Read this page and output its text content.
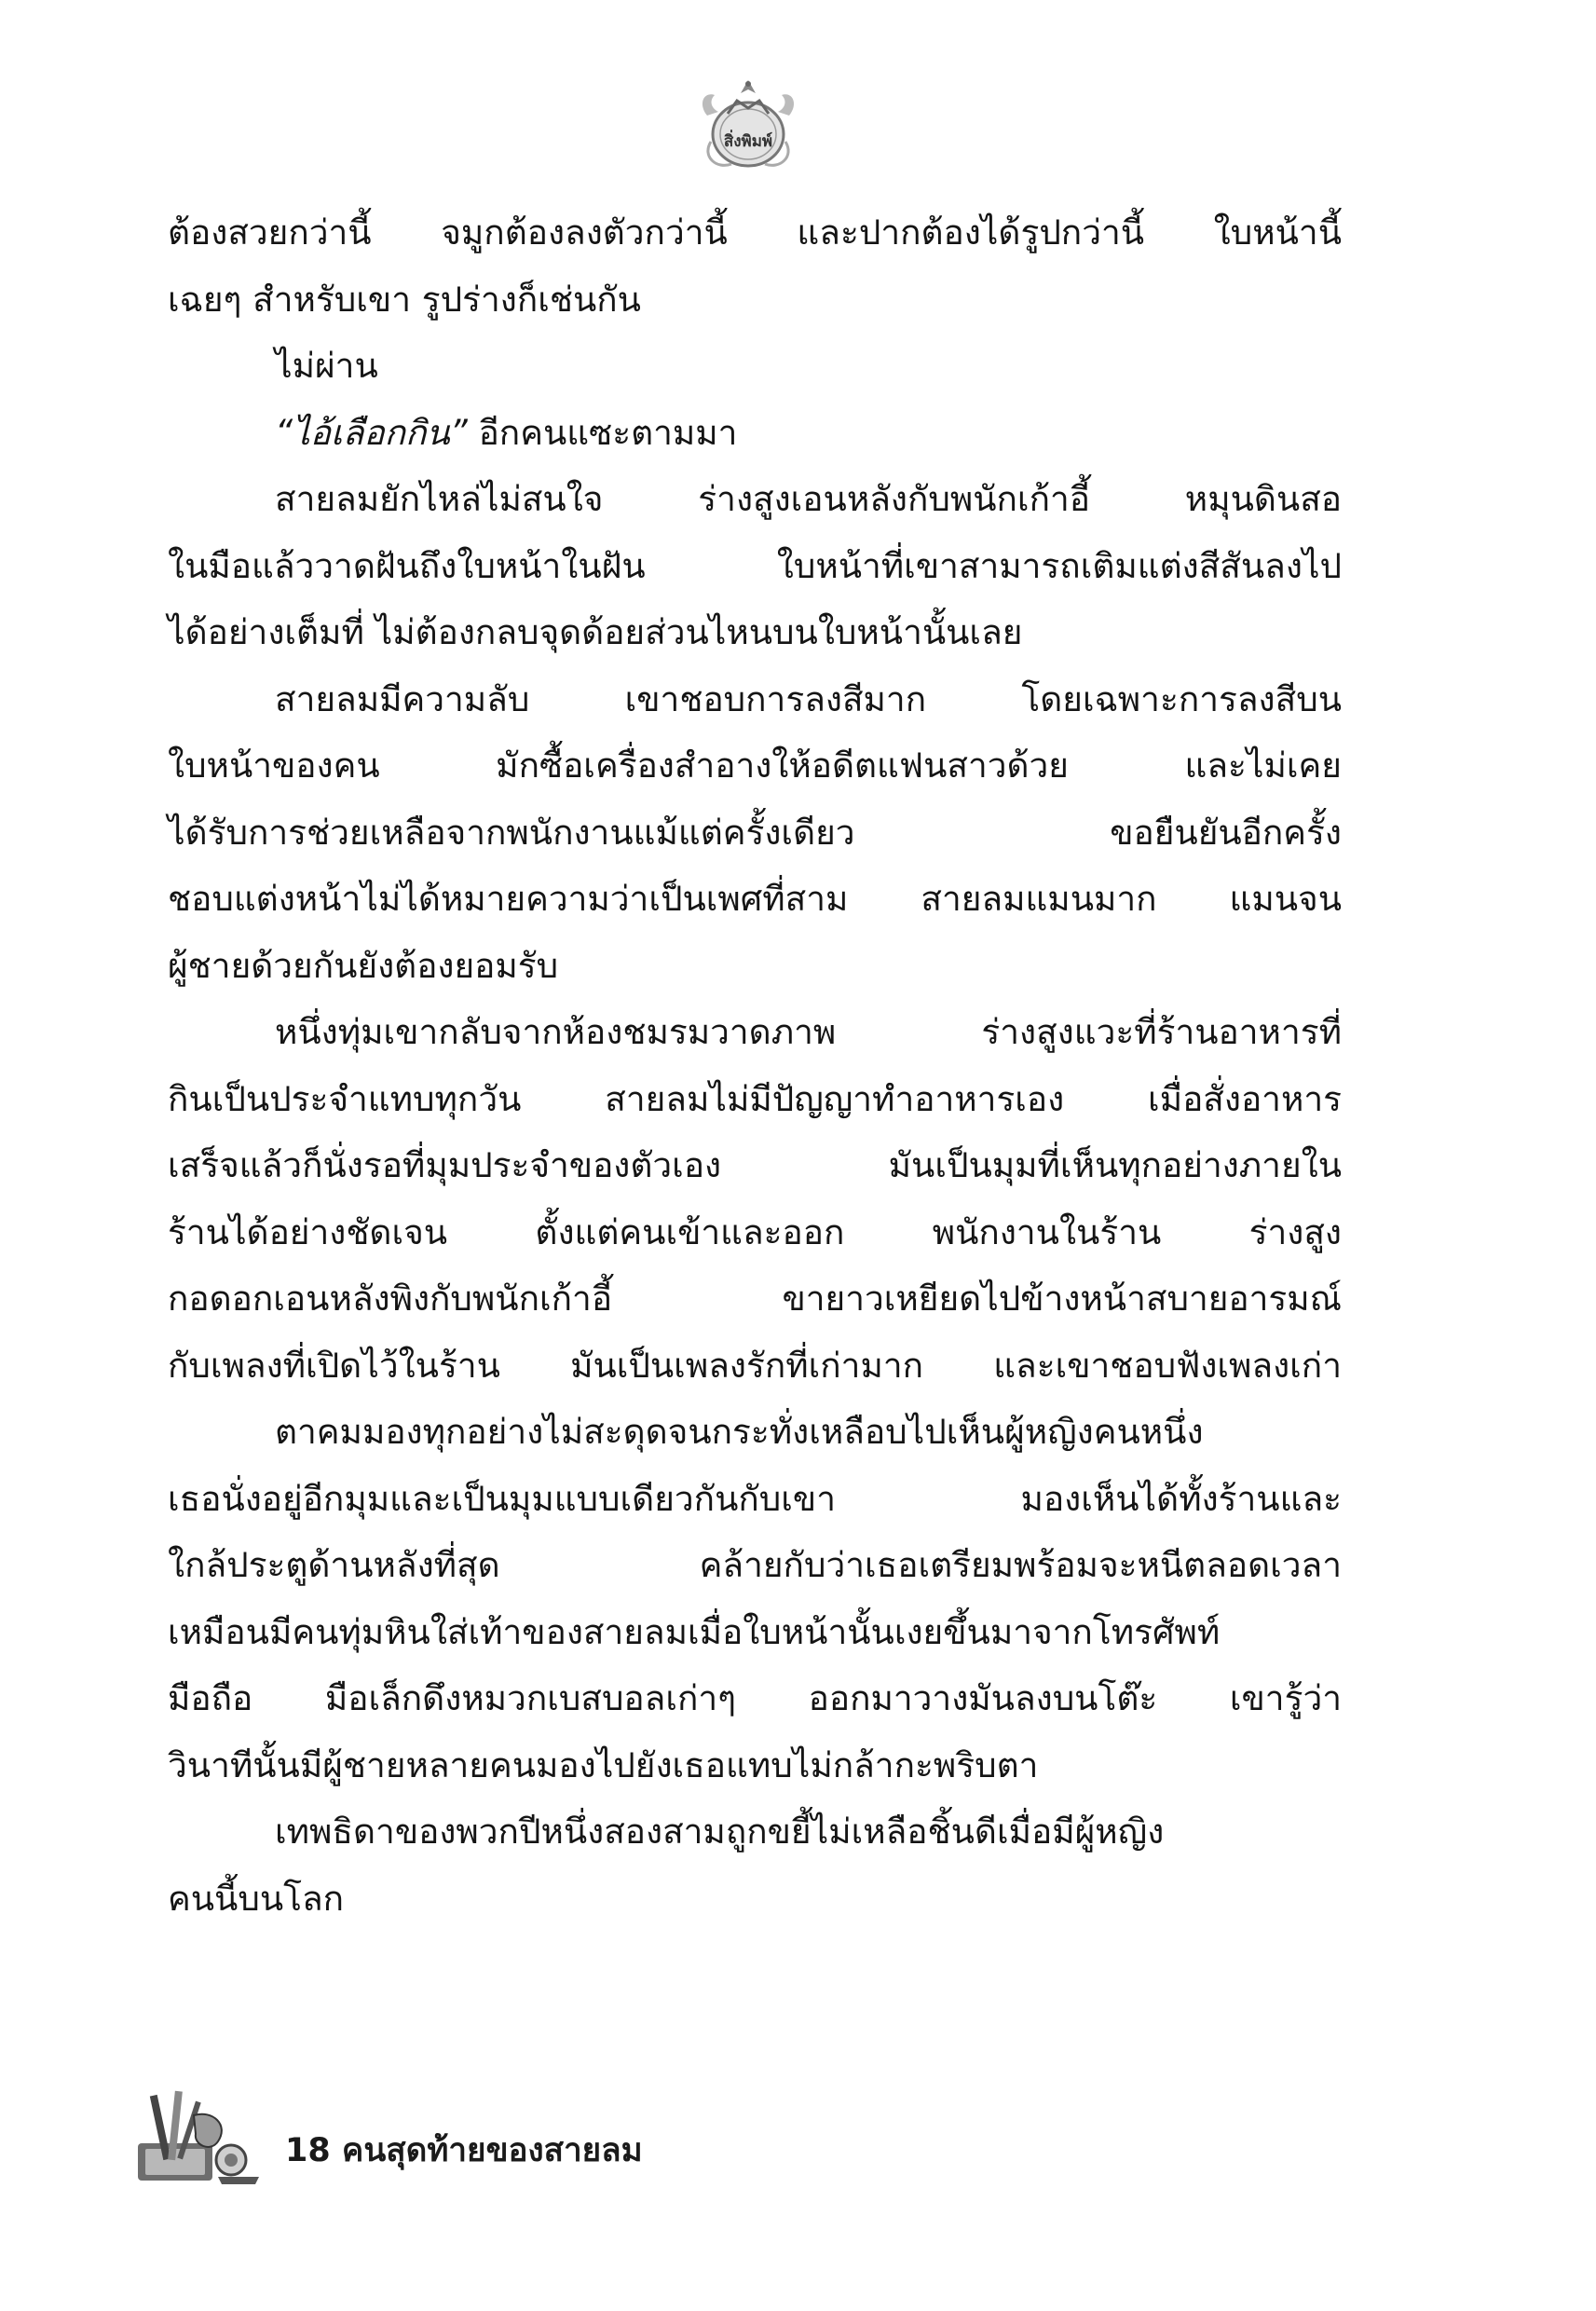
สิ่งพิมพ์
ต้องสวยกว่านี้ จมูกต้องลงตัวกว่านี้ และปากต้องได้รูปกว่านี้ ใบหน้านี้
เฉยๆ สำหรับเขา รูปร่างก็เช่นกัน
ไม่ผ่าน
“ไอ้เลือกกิน” อีกคนแซะตามมา
สายลมยักไหล่ไม่สนใจ ร่างสูงเอนหลังกับพนักเก้าอี้ หมุนดินสอ
ในมือแล้ววาดฝันถึงใบหน้าในฝัน ใบหน้าที่เขาสามารถเติมแต่งสีสันลงไป
ได้อย่างเต็มที่ ไม่ต้องกลบจุดด้อยส่วนไหนบนใบหน้านั้นเลย
สายลมมีความลับ เขาชอบการลงสีมาก โดยเฉพาะการลงสีบน
ใบหน้าของคน มักซื้อเครื่องสำอางให้อดีตแฟนสาวด้วย และไม่เคย
ได้รับการช่วยเหลือจากพนักงานแม้แต่ครั้งเดียว ขอยืนยันอีกครั้ง
ชอบแต่งหน้าไม่ได้หมายความว่าเป็นเพศที่สาม สายลมแมนมาก แมนจน
ผู้ชายด้วยกันยังต้องยอมรับ
หนึ่งทุ่มเขากลับจากห้องชมรมวาดภาพ ร่างสูงแวะที่ร้านอาหารที่
กินเป็นประจำแทบทุกวัน สายลมไม่มีปัญญาทำอาหารเอง เมื่อสั่งอาหาร
เสร็จแล้วก็นั่งรอที่มุมประจำของตัวเอง มันเป็นมุมที่เห็นทุกอย่างภายใน
ร้านได้อย่างชัดเจน ตั้งแต่คนเข้าและออก พนักงานในร้าน ร่างสูง
กอดอกเอนหลังพิงกับพนักเก้าอี้ ขายาวเหยียดไปข้างหน้าสบายอารมณ์
กับเพลงที่เปิดไว้ในร้าน มันเป็นเพลงรักที่เก่ามาก และเขาชอบฟังเพลงเก่า
ตาคมมองทุกอย่างไม่สะดุดจนกระทั่งเหลือบไปเห็นผู้หญิงคนหนึ่ง
เธอนั่งอยู่อีกมุมและเป็นมุมแบบเดียวกันกับเขา มองเห็นได้ทั้งร้านและ
ใกล้ประตูด้านหลังที่สุด คล้ายกับว่าเธอเตรียมพร้อมจะหนีตลอดเวลา
เหมือนมีคนทุ่มหินใส่เท้าของสายลมเมื่อใบหน้านั้นเงยขึ้นมาจากโทรศัพท์
มือถือ มือเล็กดึงหมวกเบสบอลเก่าๆ ออกมาวางมันลงบนโต๊ะ เขารู้ว่า
วินาทีนั้นมีผู้ชายหลายคนมองไปยังเธอแทบไม่กล้ากะพริบตา
เทพธิดาของพวกปีหนึ่งสองสามถูกขยี้ไม่เหลือชิ้นดีเมื่อมีผู้หญิง
คนนี้บนโลก
18 คนสุดท้ายของสายลม
